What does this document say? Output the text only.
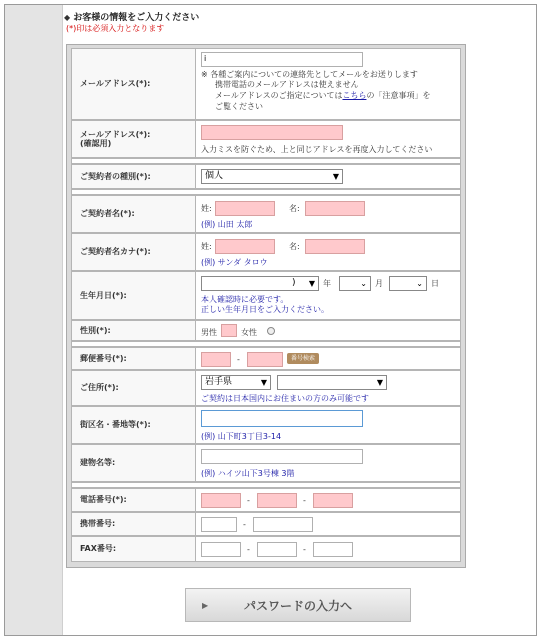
◆ お客様の情報をご入力ください
(*)印は必須入力となります
メールアドレス(*):
i
※ 各種ご案内についての連絡先としてメールをお送りします
携帯電話のメールアドレスは使えません
メールアドレスのご指定についてはこちらの「注意事項」を
ご覧ください
メールアドレス(*):
(確認用)
入力ミスを防ぐため、上と同じアドレスを再度入力してください
ご契約者の種別(*):	個人	▼
ご契約者名(*):
姓:	名:
(例) 山田 太郎
ご契約者名カナ(*):
姓:	名:
(例) サンダ タロウ
生年月日(*):
) ▼ 年	⌄ 月	⌄ 日
本人確認時に必要です。
正しい生年月日をご入力ください。
性別(*):	男性	女性
郵便番号(*):	-	番号検索
ご住所(*):
岩手県	▼	▼
ご契約は日本国内にお住まいの方のみ可能です
街区名・番地等(*):
(例) 山下町3丁目3-14
建物名等:
(例) ハイツ山下3号棟 3階
電話番号(*):	-	-
携帯番号:	-
FAX番号:	-	-
▶	パスワードの入力へ
